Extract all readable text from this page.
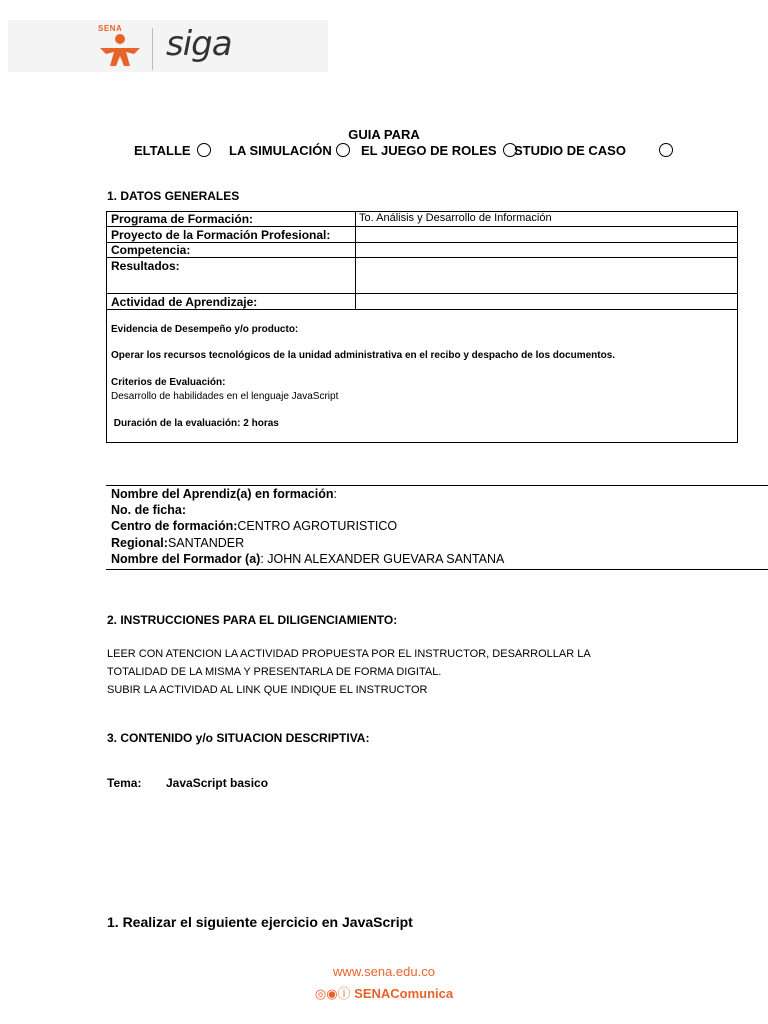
SENA siga
GUIA PARA
ELTALLE	LA SIMULACIÓN EL JUEGO DE ROLES STUDIO DE CASO
1. DATOS GENERALES
Programa de Formación:	To. Análisis y Desarrollo de Información
Proyecto de la Formación Profesional:
Competencia:
Resultados:
Actividad de Aprendizaje:
Evidencia de Desempeño y/o producto:
Operar los recursos tecnológicos de la unidad administrativa en el recibo y despacho de los documentos.
Criterios de Evaluación:
Desarrollo de habilidades en el lenguaje JavaScript
Duración de la evaluación: 2 horas
Nombre del Aprendiz(a) en formación:
No. de ficha:
Centro de formación:CENTRO AGROTURISTICO
Regional:SANTANDER
Nombre del Formador (a): JOHN ALEXANDER GUEVARA SANTANA
2. INSTRUCCIONES PARA EL DILIGENCIAMIENTO:
LEER CON ATENCION LA ACTIVIDAD PROPUESTA POR EL INSTRUCTOR, DESARROLLAR LA
TOTALIDAD DE LA MISMA Y PRESENTARLA DE FORMA DIGITAL.
SUBIR LA ACTIVIDAD AL LINK QUE INDIQUE EL INSTRUCTOR
3. CONTENIDO y/o SITUACION DESCRIPTIVA:
Tema: JavaScript basico
1. Realizar el siguiente ejercicio en JavaScript
www.sena.edu.co
◎◉ⓘ SENAComunica
